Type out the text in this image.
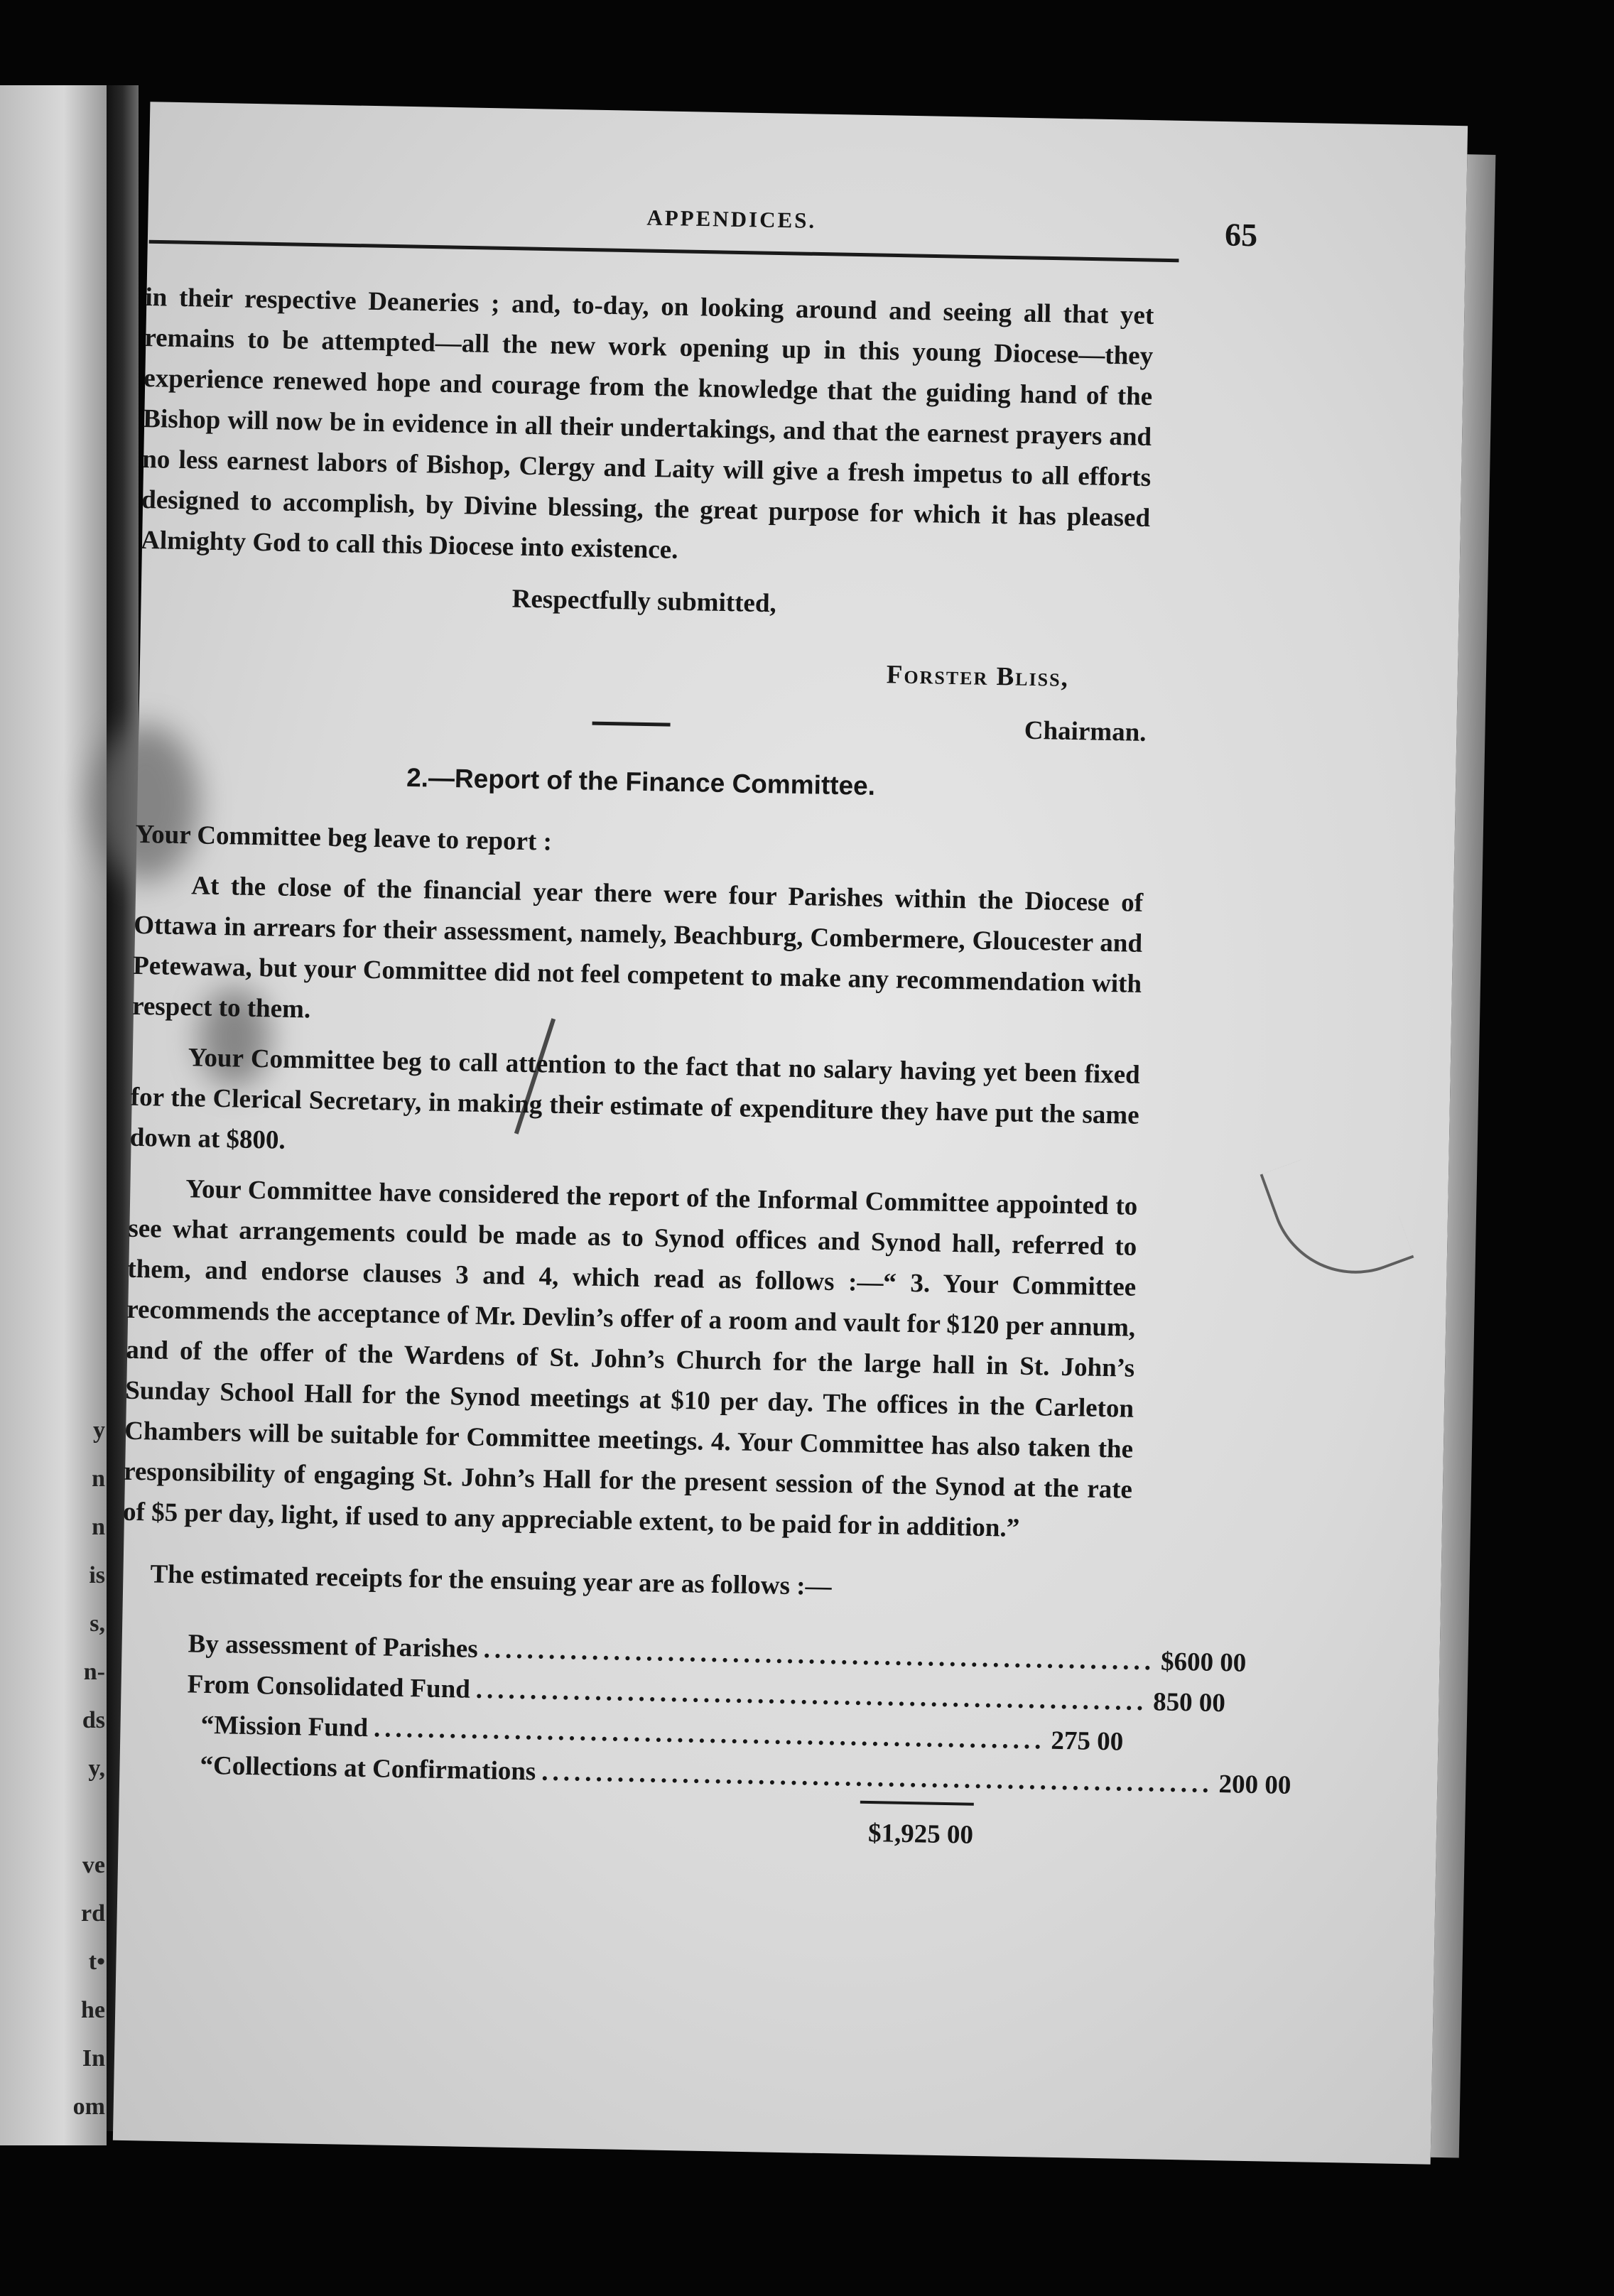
y
n
n
is
s,
n-
ds
y,
ve
rd
t•
he
In
om
APPENDICES.	65

in their respective Deaneries ; and, to-day, on looking around and seeing all that yet remains to be attempted—all the new work opening up in this young Diocese—they experience renewed hope and courage from the knowledge that the guiding hand of the Bishop will now be in evidence in all their undertakings, and that the earnest prayers and no less earnest labors of Bishop, Clergy and Laity will give a fresh impetus to all efforts designed to accomplish, by Divine blessing, the great purpose for which it has pleased Almighty God to call this Diocese into existence.

Respectfully submitted,
Forster Bliss,
Chairman.
2.—Report of the Finance Committee.

Your Committee beg leave to report :

At the close of the financial year there were four Parishes within the Diocese of Ottawa in arrears for their assessment, namely, Beachburg, Combermere, Gloucester and Petewawa, but your Committee did not feel competent to make any recommendation with respect to them.

Your Committee beg to call attention to the fact that no salary having yet been fixed for the Clerical Secretary, in making their estimate of expenditure they have put the same down at $800.

Your Committee have considered the report of the Informal Committee appointed to see what arrangements could be made as to Synod offices and Synod hall, referred to them, and endorse clauses 3 and 4, which read as follows :—“ 3. Your Committee recommends the acceptance of Mr. Devlin’s offer of a room and vault for $120 per annum, and of the offer of the Wardens of St. John’s Church for the large hall in St. John’s Sunday School Hall for the Synod meetings at $10 per day. The offices in the Carleton Chambers will be suitable for Committee meetings. 4. Your Committee has also taken the responsibility of engaging St. John’s Hall for the present session of the Synod at the rate of $5 per day, light, if used to any appreciable extent, to be paid for in addition.”

The estimated receipts for the ensuing year are as follows :—

By assessment of Parishes .............................................................. $600 00
From Consolidated Fund .............................................................. 850 00
“ Mission Fund .............................................................. 275 00
“ Collections at Confirmations .............................................................. 200 00
$1,925 00
